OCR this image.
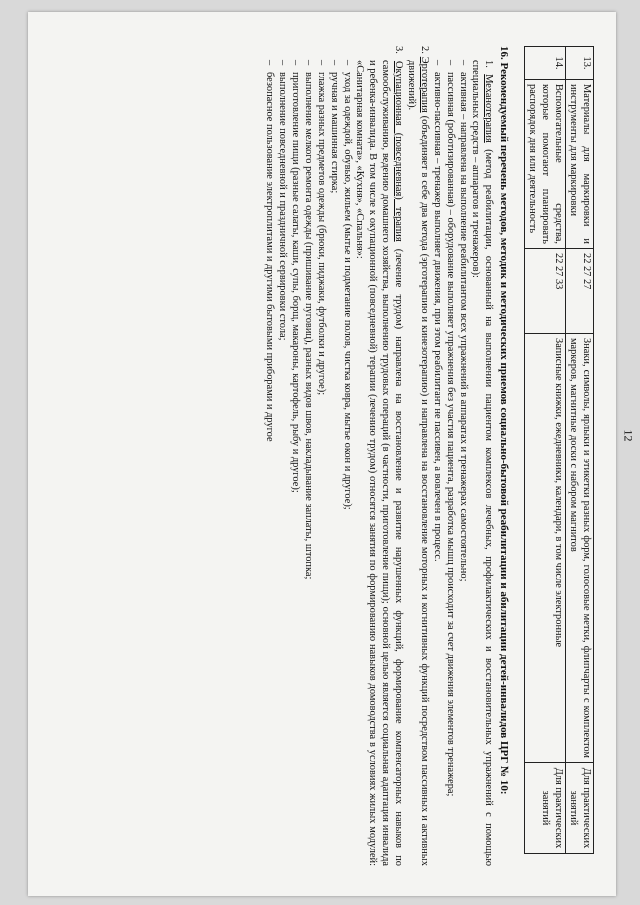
13.	Материалы для маркировки и инструменты для маркировки	22 27 27	Знаки, символы, ярлыки и этикетки разных форм, голосовые метки, флипчарты с комплектом маркеров, магнитные доски с набором магнитов	Для практических занятий
14.	Вспомогательные средства, которые помогают планировать распорядок дня или деятельность	22 27 33	Записные книжки, ежедневники, календари, в том числе электронные	Для практических занятий
16. Рекомендуемый перечень методов, методик и методических приемов социально-бытовой реабилитации и абилитации детей-инвалидов ЦРГ № 10:

1. Механотерапия (метод реабилитации, основанный на выполнении пациентом комплексов лечебных, профилактических и восстановительных упражнений с помощью специальных средств – аппаратов и тренажеров):

– активная – направлена на выполнение реабилитантом всех упражнений в аппаратах и тренажерах самостоятельно;
– пассивная (роботизированная) – оборудование выполняет упражнения без участия пациента, разработка мышц происходит за счет движения элементов тренажера;
– активно-пассивная – тренажер выполняет движения, при этом реабилитант не пассивен, а вовлечен в процесс.

2. Эрготерапия (объединяет в себе два метода (эрготерапию и кинезотерапию) и направлена на восстановление моторных и когнитивных функций посредством пассивных и активных движений).

3. Окупационная (повседневная) терапия (лечение трудом) направлена на восстановление и развитие нарушенных функций, формирование компенсаторных навыков по самообслуживанию, ведению домашнего хозяйства, выполнению трудовых операций (в частности, приготовление пищи); основной целью является социальная адаптация инвалида и ребенка-инвалида. В том числе к окупационной (повседневной) терапии (лечению трудом) относятся занятия по формированию навыков домоводства в условиях жилых модулей: «Санитарная комната», «Кухня», «Спальня»:

– уход за одеждой, обувью, жильем (мытье и подметание полов, чистка ковра, мытье окон и другое);
– ручная и машинная стирка;
– глажка разных предметов одежды (брюки, пиджаки, футболки и другое);
– выполнение мелкого ремонта одежды (пришивание пуговиц), разных видов швов, накладывание заплаты, штопка;
– приготовление пищи (разные салаты, каши, супы, борщ, макароны, картофель, рыбу и другое);
– выполнение повседневной и праздничной сервировки стола;
– безопасное пользование электроплитами и другими бытовыми приборами и другое	12
